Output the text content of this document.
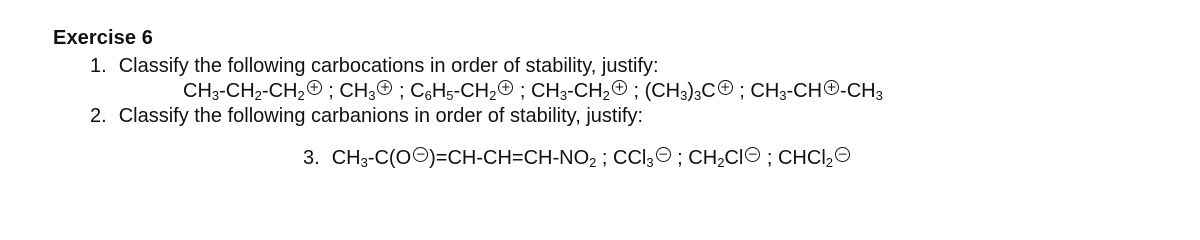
Exercise 6
1. Classify the following carbocations in order of stability, justify:
$CH_3-CH_2-CH_2+$ ; $CH_3+$ ; $C_6H_5-CH_2+$ ; $CH_3-CH_2+$ ; $(CH_3)_3C$ + ; $CH_3-CH + -CH_3$
2. Classify the following carbanions in order of stability, justify:
3. $CH_3-C(O - )=CH-CH=CH-NO_2$ ; CCl$_3$− ; $CH_2Cl$ − ; CHCl$_2$−
